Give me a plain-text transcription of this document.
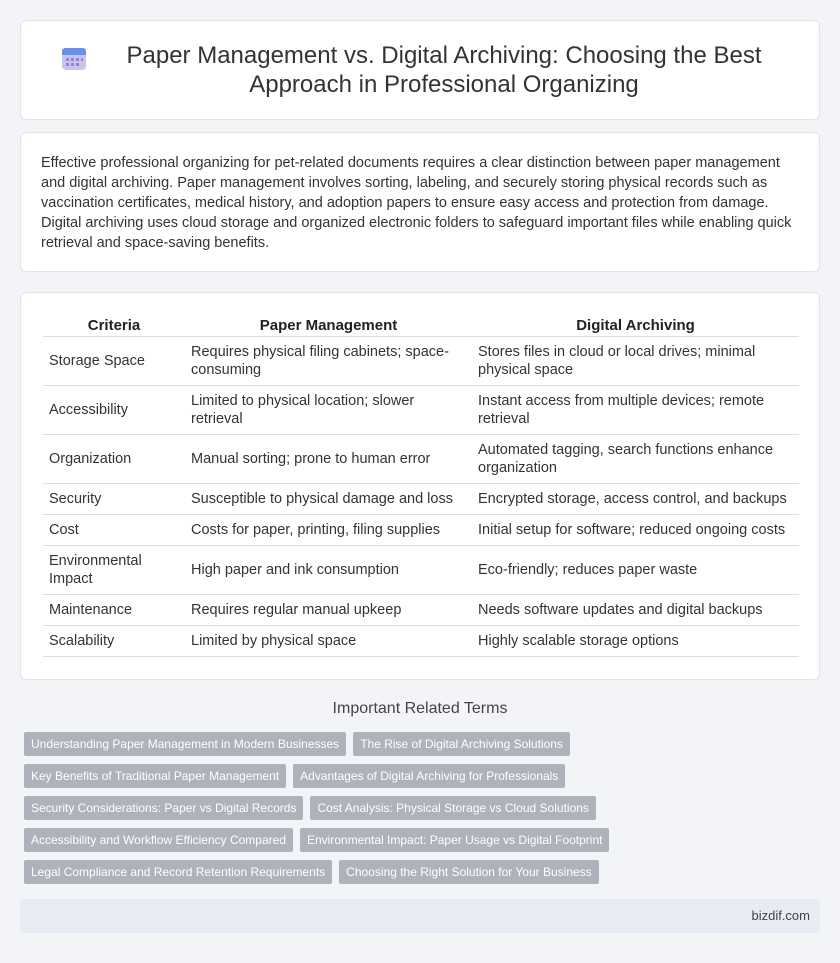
Paper Management vs. Digital Archiving: Choosing the Best Approach in Professional Organizing

Effective professional organizing for pet-related documents requires a clear distinction between paper management and digital archiving. Paper management involves sorting, labeling, and securely storing physical records such as vaccination certificates, medical history, and adoption papers to ensure easy access and protection from damage. Digital archiving uses cloud storage and organized electronic folders to safeguard important files while enabling quick retrieval and space-saving benefits.

Criteria	Paper Management	Digital Archiving
Storage Space	Requires physical filing cabinets; space-consuming	Stores files in cloud or local drives; minimal physical space
Accessibility	Limited to physical location; slower retrieval	Instant access from multiple devices; remote retrieval
Organization	Manual sorting; prone to human error	Automated tagging, search functions enhance organization
Security	Susceptible to physical damage and loss	Encrypted storage, access control, and backups
Cost	Costs for paper, printing, filing supplies	Initial setup for software; reduced ongoing costs
Environmental Impact	High paper and ink consumption	Eco-friendly; reduces paper waste
Maintenance	Requires regular manual upkeep	Needs software updates and digital backups
Scalability	Limited by physical space	Highly scalable storage options
Important Related Terms
Understanding Paper Management in Modern Businesses	The Rise of Digital Archiving Solutions
Key Benefits of Traditional Paper Management	Advantages of Digital Archiving for Professionals
Security Considerations: Paper vs Digital Records	Cost Analysis: Physical Storage vs Cloud Solutions
Accessibility and Workflow Efficiency Compared	Environmental Impact: Paper Usage vs Digital Footprint
Legal Compliance and Record Retention Requirements	Choosing the Right Solution for Your Business
bizdif.com
